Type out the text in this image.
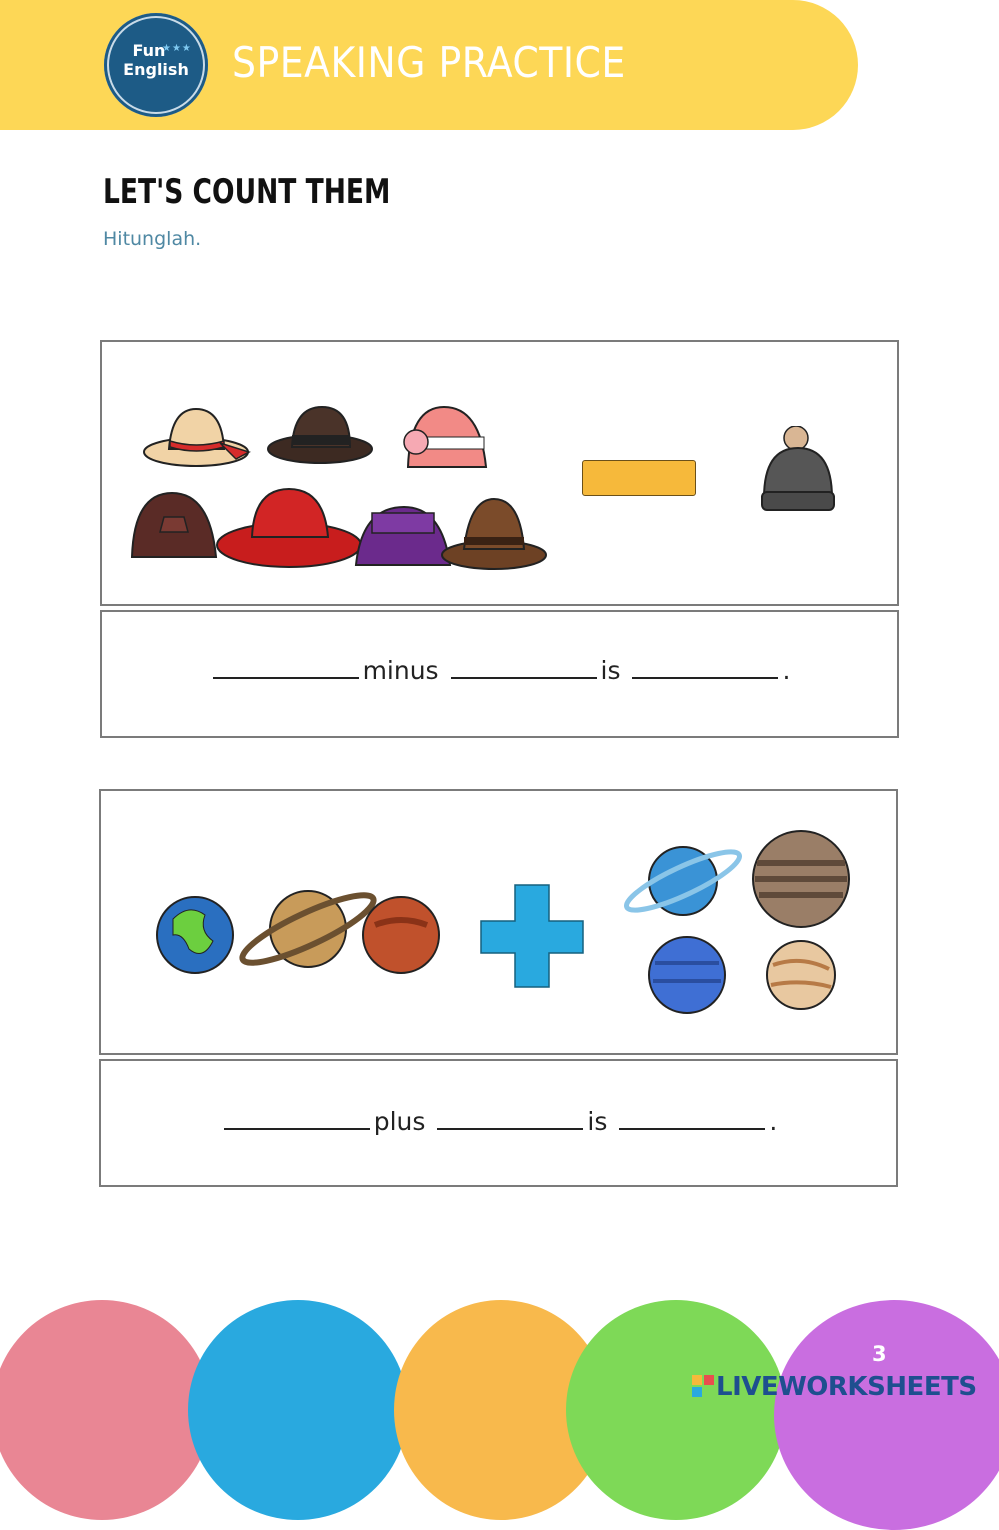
Fun
English
★★★ SPEAKING PRACTICE
LET'S COUNT THEM
Hitunglah.
minus	is	.
plus	is	.
3
LIVEWORKSHEETS
